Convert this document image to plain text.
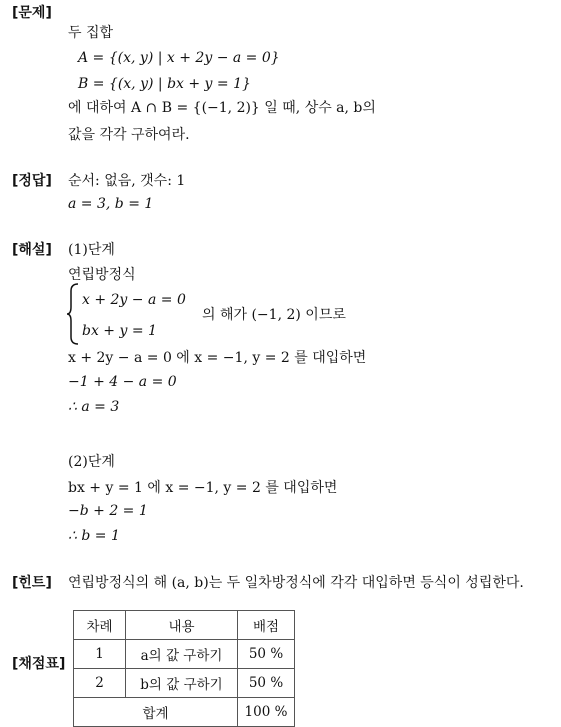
[문제]
[정답]
[해설]
[힌트]
[채점표]
두 집합
A = {(x, y) | x + 2y − a = 0}
B = {(x, y) | bx + y = 1}
에 대하여 A ∩ B = {(−1, 2)} 일 때, 상수 a, b의
값을 각각 구하여라.
순서: 없음, 갯수: 1
a = 3, b = 1
(1)단계
연립방정식
x + 2y − a = 0
bx + y = 1
의 해가 (−1, 2) 이므로
x + 2y − a = 0 에 x = −1, y = 2 를 대입하면
−1 + 4 − a = 0
∴ a = 3
(2)단계
bx + y = 1 에 x = −1, y = 2 를 대입하면
−b + 2 = 1
∴ b = 1
연립방정식의 해 (a, b)는 두 일차방정식에 각각 대입하면 등식이 성립한다.
차례	내용	배점
1	a의 값 구하기	50 %
2	b의 값 구하기	50 %
합계		100 %
